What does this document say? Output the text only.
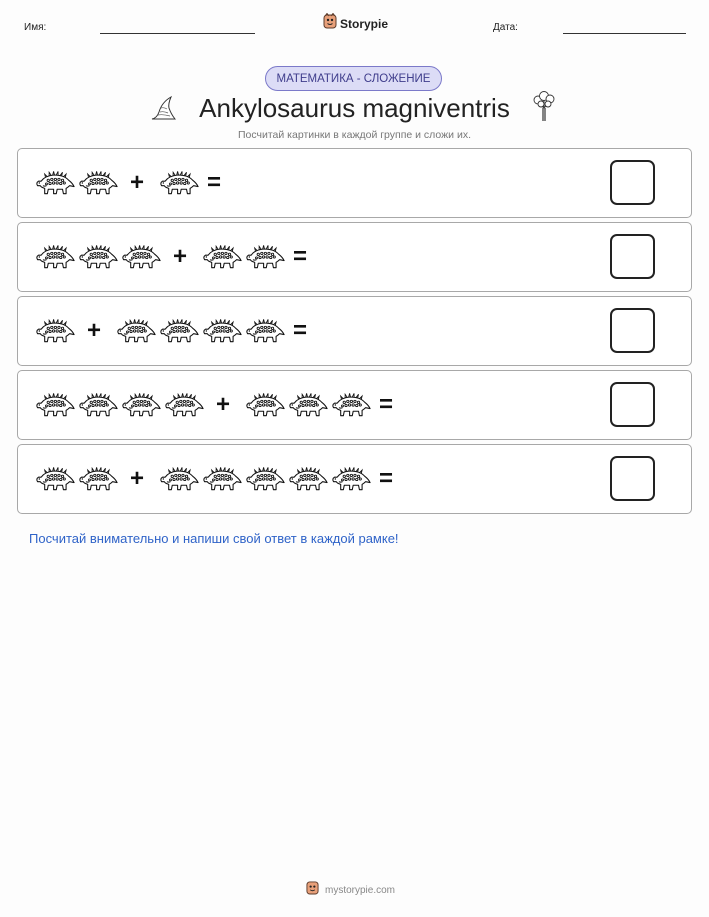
Имя:	Storypie	Дата:
МАТЕМАТИКА - СЛОЖЕНИЕ
Ankylosaurus magniventris
Посчитай картинки в каждой группе и сложи их.
+	=
+	=
+	=
+	=
+	=
Посчитай внимательно и напиши свой ответ в каждой рамке!
mystorypie.com
